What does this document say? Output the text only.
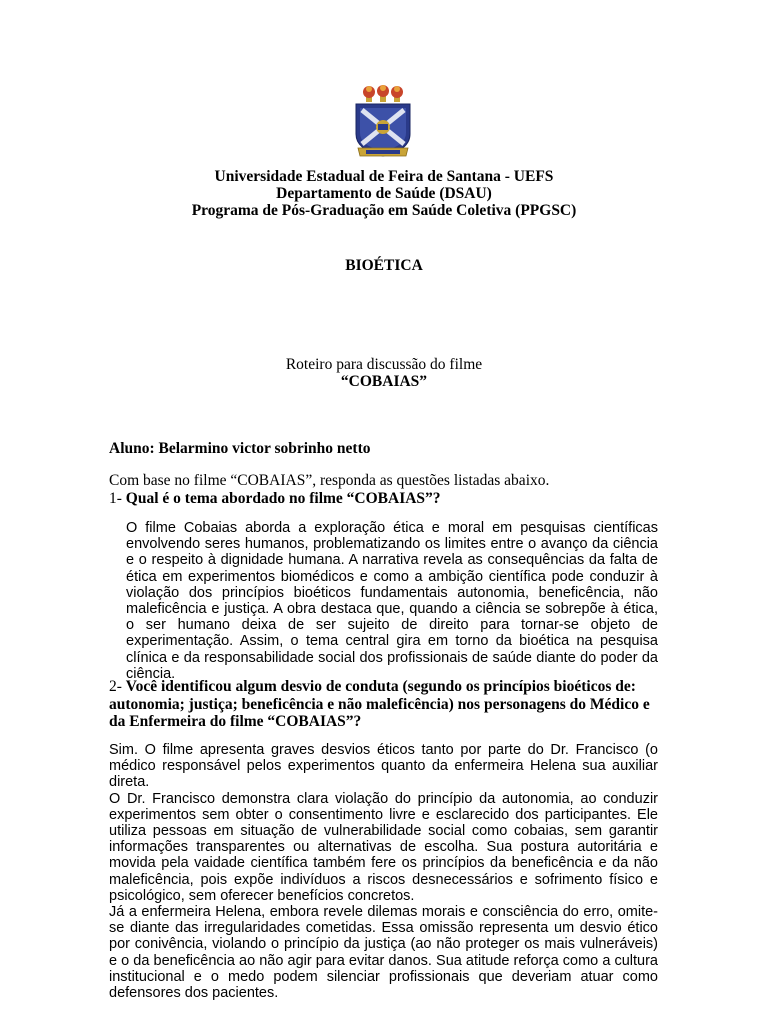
Universidade Estadual de Feira de Santana - UEFS
Departamento de Saúde (DSAU)
Programa de Pós-Graduação em Saúde Coletiva (PPGSC)
BIOÉTICA
Roteiro para discussão do filme
“COBAIAS”
Aluno: Belarmino victor sobrinho netto
Com base no filme “COBAIAS”, responda as questões listadas abaixo.
1- Qual é o tema abordado no filme “COBAIAS”?

O filme Cobaias aborda a exploração ética e moral em pesquisas científicas envolvendo seres humanos, problematizando os limites entre o avanço da ciência e o respeito à dignidade humana. A narrativa revela as consequências da falta de ética em experimentos biomédicos e como a ambição científica pode conduzir à violação dos princípios bioéticos fundamentais autonomia, beneficência, não maleficência e justiça. A obra destaca que, quando a ciência se sobrepõe à ética, o ser humano deixa de ser sujeito de direito para tornar-se objeto de experimentação. Assim, o tema central gira em torno da bioética na pesquisa clínica e da responsabilidade social dos profissionais de saúde diante do poder da ciência.

2- Você identificou algum desvio de conduta (segundo os princípios bioéticos de: autonomia; justiça; beneficência e não maleficência) nos personagens do Médico e da Enfermeira do filme “COBAIAS”?

Sim. O filme apresenta graves desvios éticos tanto por parte do Dr. Francisco (o médico responsável pelos experimentos quanto da enfermeira Helena sua auxiliar direta.

O Dr. Francisco demonstra clara violação do princípio da autonomia, ao conduzir experimentos sem obter o consentimento livre e esclarecido dos participantes. Ele utiliza pessoas em situação de vulnerabilidade social como cobaias, sem garantir informações transparentes ou alternativas de escolha. Sua postura autoritária e movida pela vaidade científica também fere os princípios da beneficência e da não maleficência, pois expõe indivíduos a riscos desnecessários e sofrimento físico e psicológico, sem oferecer benefícios concretos.

Já a enfermeira Helena, embora revele dilemas morais e consciência do erro, omite-se diante das irregularidades cometidas. Essa omissão representa um desvio ético por conivência, violando o princípio da justiça (ao não proteger os mais vulneráveis) e o da beneficência ao não agir para evitar danos. Sua atitude reforça como a cultura institucional e o medo podem silenciar profissionais que deveriam atuar como defensores dos pacientes.
